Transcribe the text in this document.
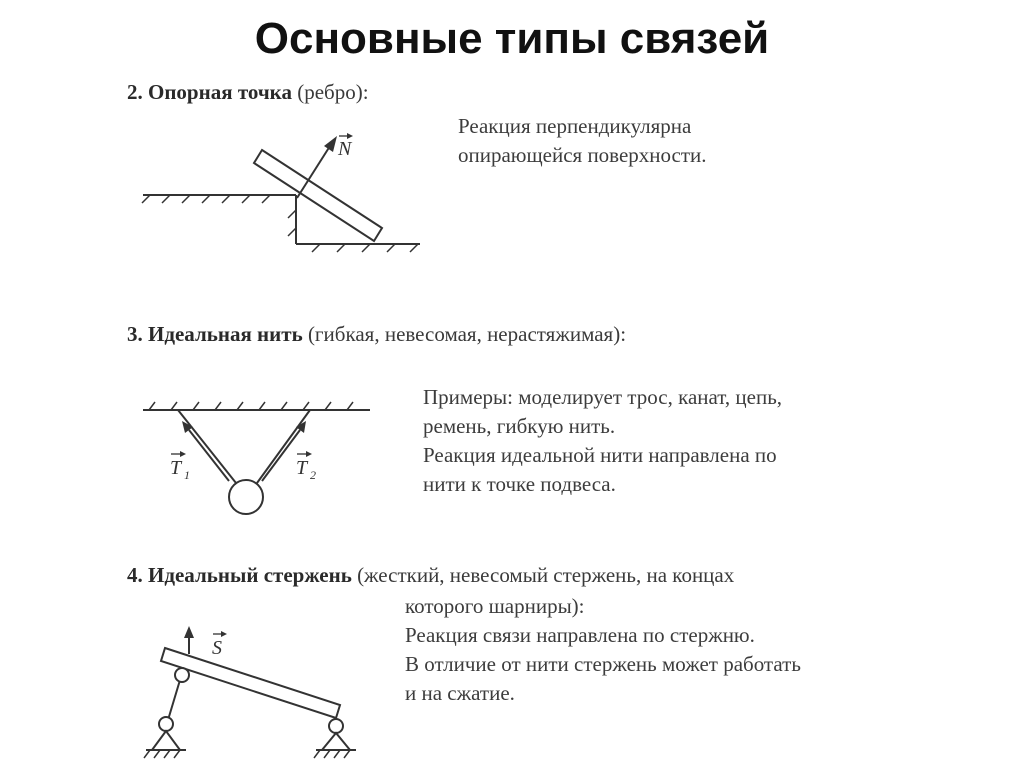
Основные типы связей
2. Опорная точка (ребро):
Реакция перпендикулярна
опирающейся поверхности.
N
3. Идеальная нить (гибкая, невесомая, нерастяжимая):
Примеры: моделирует трос, канат, цепь,
ремень, гибкую нить.
Реакция идеальной нити направлена по
нити к точке подвеса.
T 1	T 2
4. Идеальный стержень (жесткий, невесомый стержень, на концах
которого шарниры):
Реакция связи направлена по стержню.
В отличие от нити стержень может работать
и на сжатие.
S
